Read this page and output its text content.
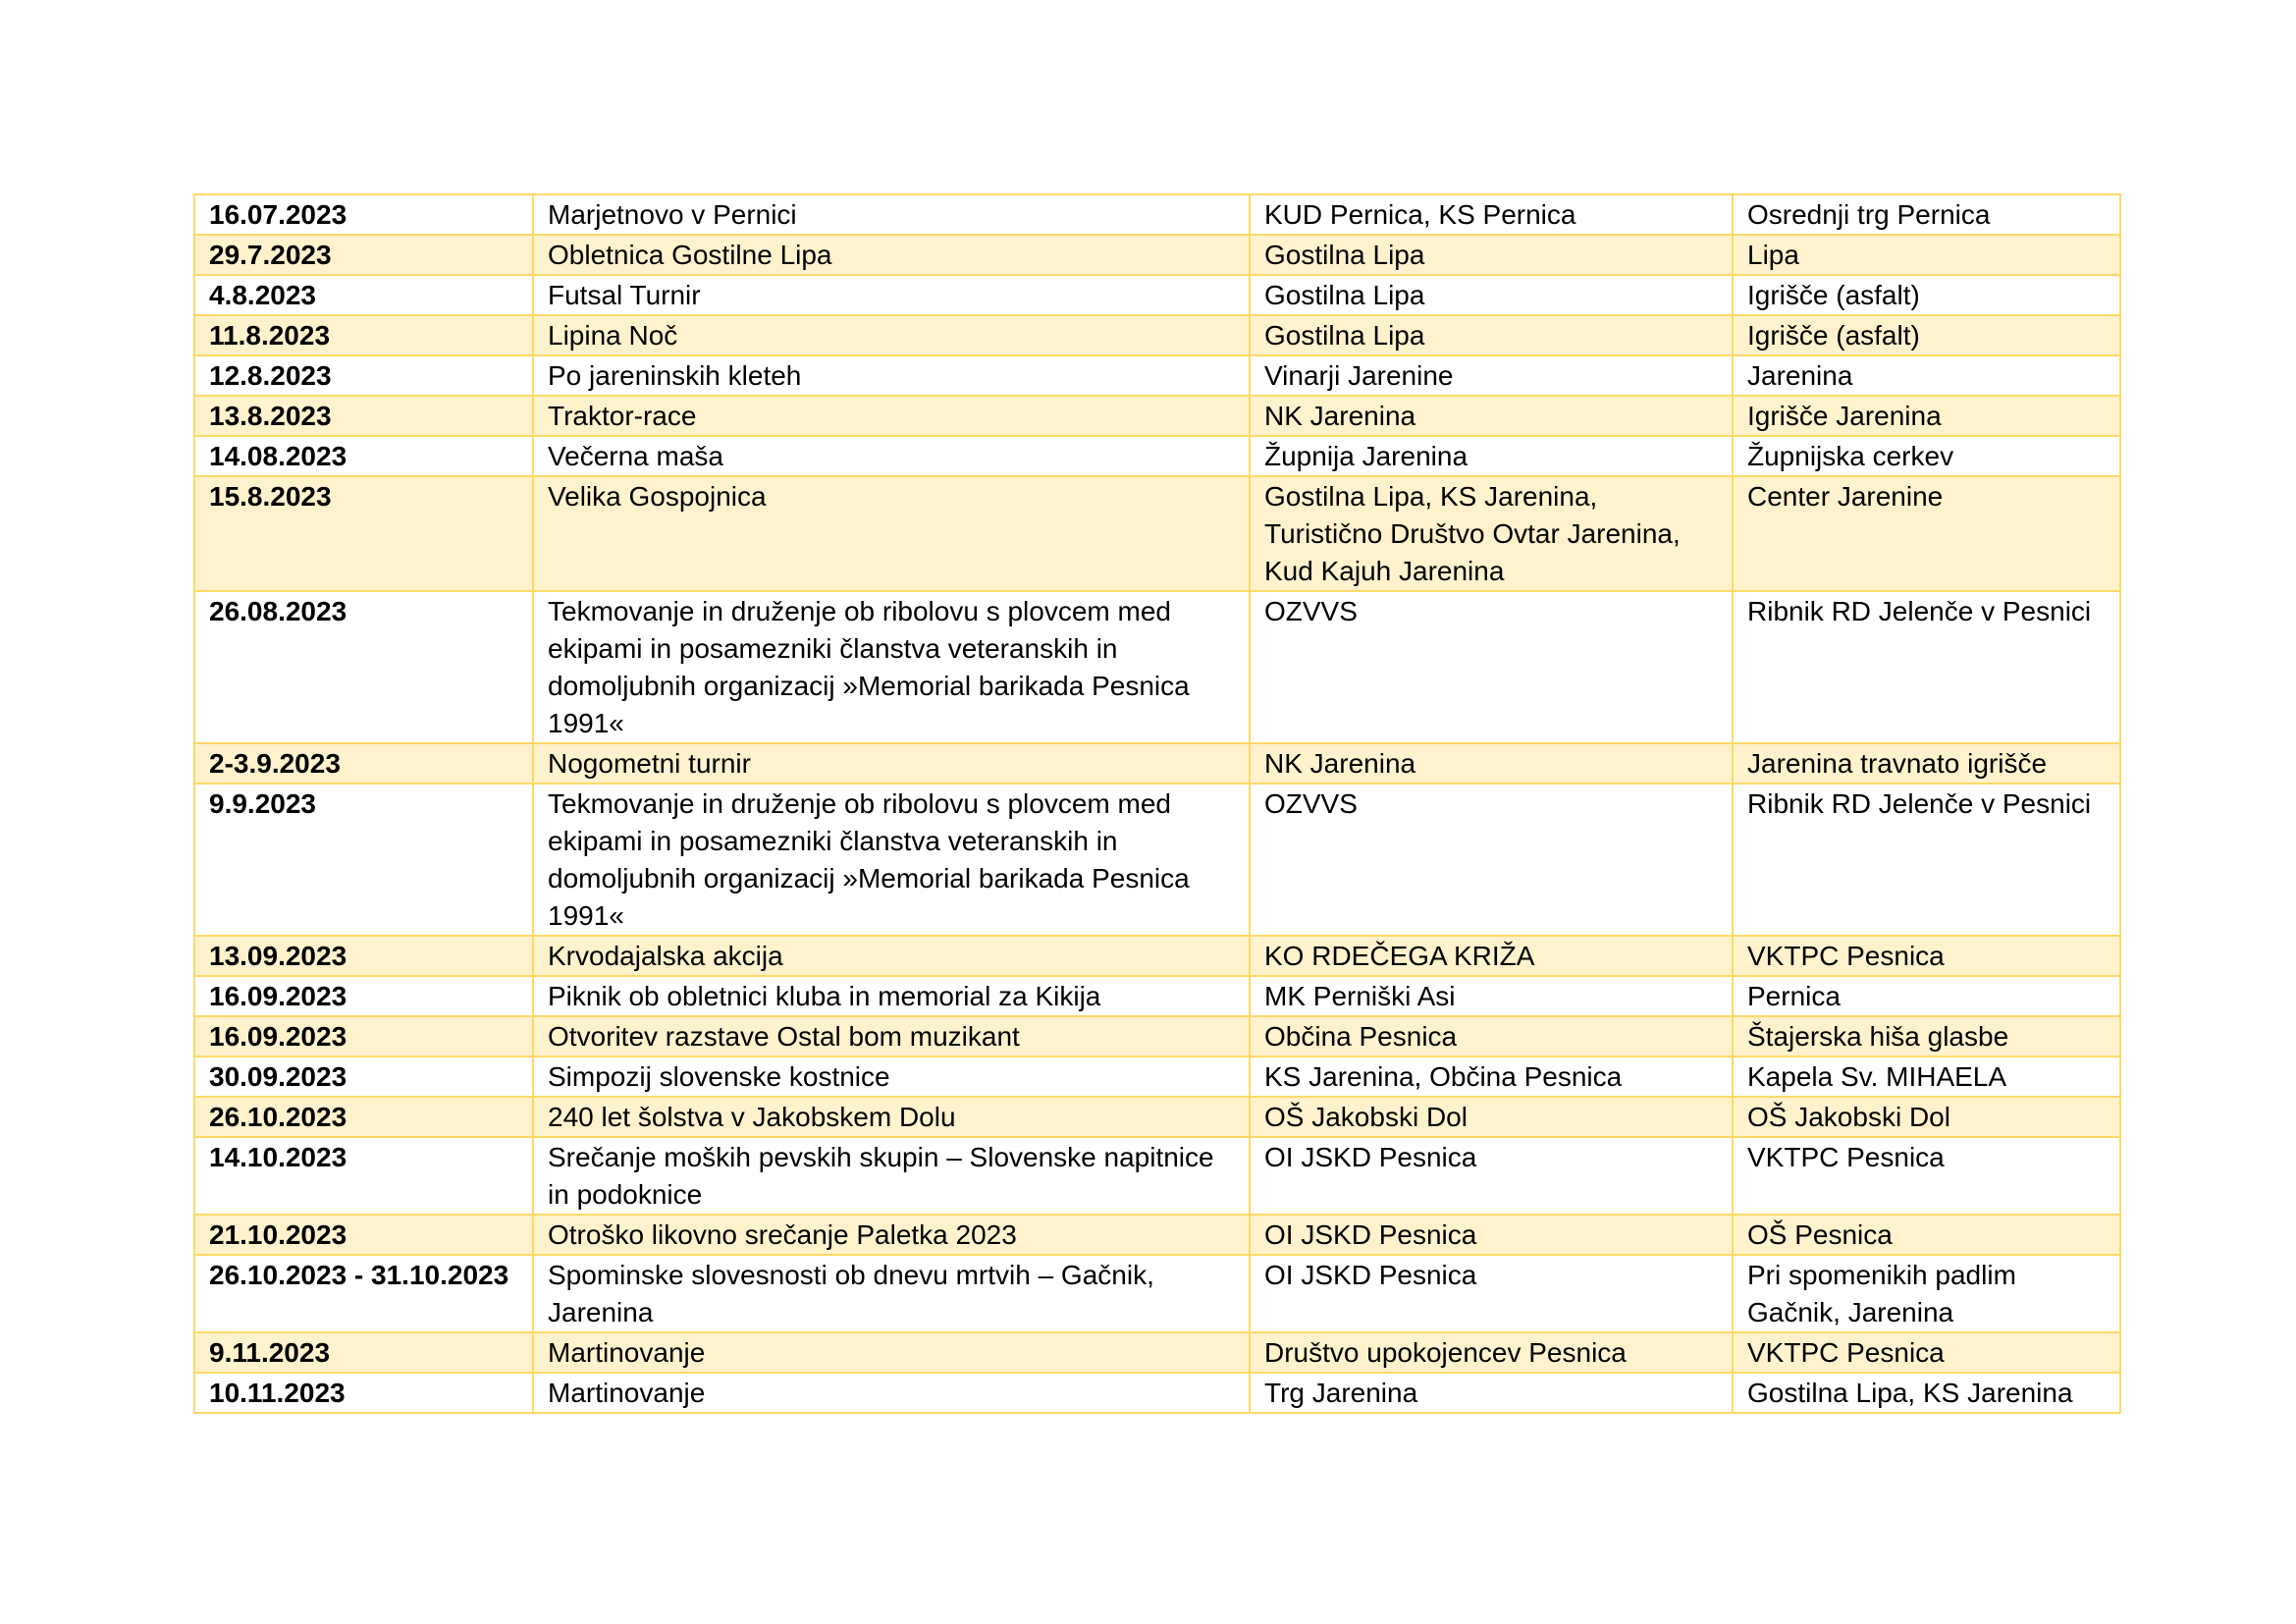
16.07.2023	Marjetnovo v Pernici	KUD Pernica, KS Pernica	Osrednji trg Pernica
29.7.2023	Obletnica Gostilne Lipa	Gostilna Lipa	Lipa
4.8.2023	Futsal Turnir	Gostilna Lipa	Igrišče (asfalt)
11.8.2023	Lipina Noč	Gostilna Lipa	Igrišče (asfalt)
12.8.2023	Po jareninskih kleteh	Vinarji Jarenine	Jarenina
13.8.2023	Traktor-race	NK Jarenina	Igrišče Jarenina
14.08.2023	Večerna maša	Župnija Jarenina	Župnijska cerkev
15.8.2023	Velika Gospojnica	Gostilna Lipa, KS Jarenina, Turistično Društvo Ovtar Jarenina, Kud Kajuh Jarenina	Center Jarenine
26.08.2023	Tekmovanje in druženje ob ribolovu s plovcem med ekipami in posamezniki članstva veteranskih in domoljubnih organizacij »Memorial barikada Pesnica 1991«	OZVVS	Ribnik RD Jelenče v Pesnici
2-3.9.2023	Nogometni turnir	NK Jarenina	Jarenina travnato igrišče
9.9.2023	Tekmovanje in druženje ob ribolovu s plovcem med ekipami in posamezniki članstva veteranskih in domoljubnih organizacij »Memorial barikada Pesnica 1991«	OZVVS	Ribnik RD Jelenče v Pesnici
13.09.2023	Krvodajalska akcija	KO RDEČEGA KRIŽA	VKTPC Pesnica
16.09.2023	Piknik ob obletnici kluba in memorial za Kikija	MK Perniški Asi	Pernica
16.09.2023	Otvoritev razstave Ostal bom muzikant	Občina Pesnica	Štajerska hiša glasbe
30.09.2023	Simpozij slovenske kostnice	KS Jarenina, Občina Pesnica	Kapela Sv. MIHAELA
26.10.2023	240 let šolstva v Jakobskem Dolu	OŠ Jakobski Dol	OŠ Jakobski Dol
14.10.2023	Srečanje moških pevskih skupin – Slovenske napitnice in podoknice	OI JSKD Pesnica	VKTPC Pesnica
21.10.2023	Otroško likovno srečanje Paletka 2023	OI JSKD Pesnica	OŠ Pesnica
26.10.2023 - 31.10.2023	Spominske slovesnosti ob dnevu mrtvih – Gačnik, Jarenina	OI JSKD Pesnica	Pri spomenikih padlim Gačnik, Jarenina
9.11.2023	Martinovanje	Društvo upokojencev Pesnica	VKTPC Pesnica
10.11.2023	Martinovanje	Trg Jarenina	Gostilna Lipa, KS Jarenina
